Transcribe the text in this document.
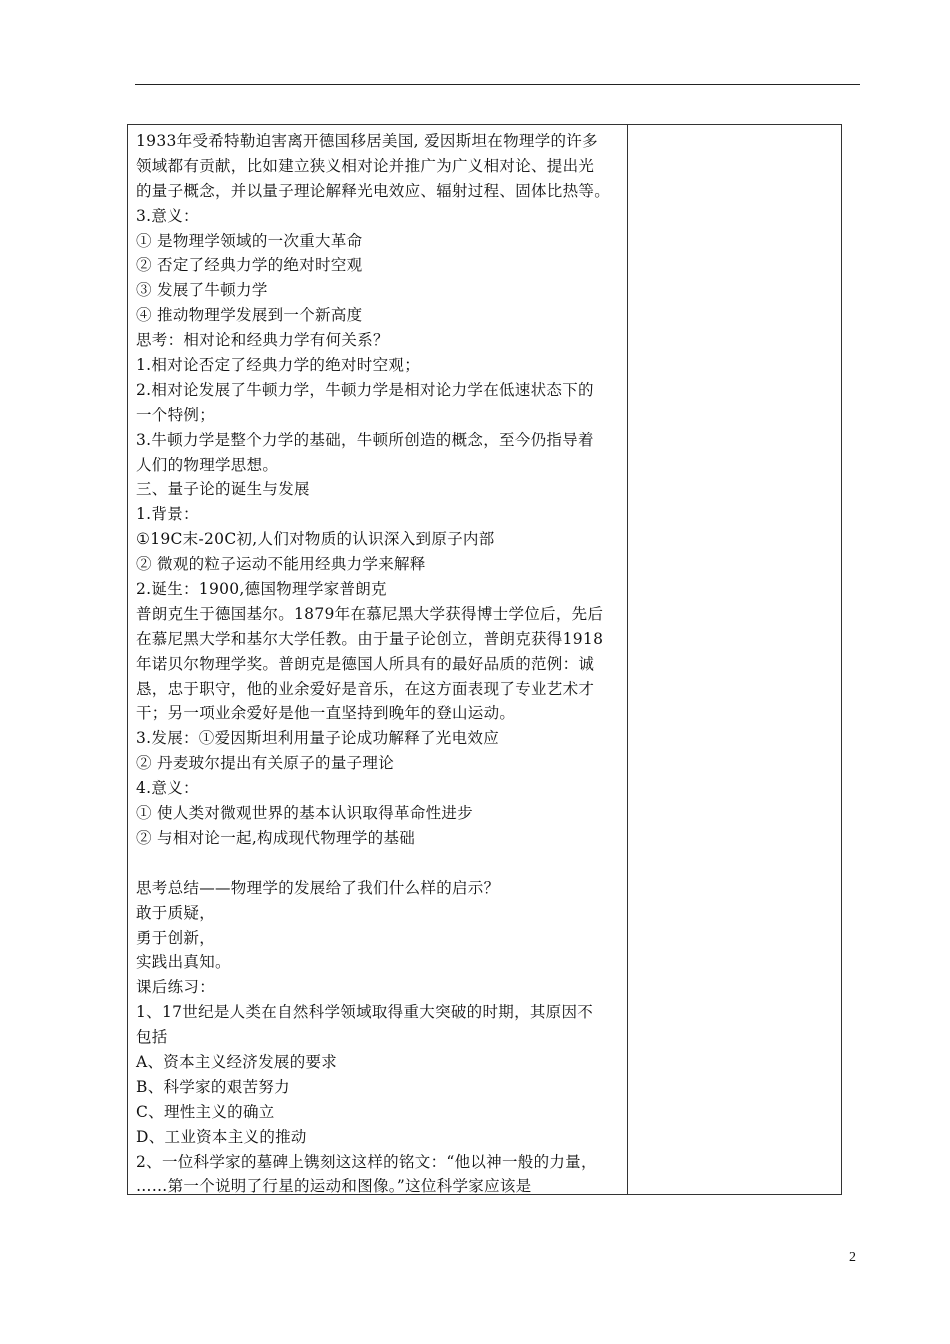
1933年受希特勒迫害离开德国移居美国, 爱因斯坦在物理学的许多
领域都有贡献，比如建立狭义相对论并推广为广义相对论、提出光
的量子概念，并以量子理论解释光电效应、辐射过程、固体比热等。
3.意义：
① 是物理学领域的一次重大革命
② 否定了经典力学的绝对时空观
③ 发展了牛顿力学
④ 推动物理学发展到一个新高度
思考：相对论和经典力学有何关系？
1.相对论否定了经典力学的绝对时空观；
2.相对论发展了牛顿力学，牛顿力学是相对论力学在低速状态下的
一个特例；
3.牛顿力学是整个力学的基础，牛顿所创造的概念，至今仍指导着
人们的物理学思想。
三、量子论的诞生与发展
1.背景：
①19C末-20C初,人们对物质的认识深入到原子内部
② 微观的粒子运动不能用经典力学来解释
2.诞生：1900,德国物理学家普朗克
普朗克生于德国基尔。1879年在慕尼黑大学获得博士学位后，先后
在慕尼黑大学和基尔大学任教。由于量子论创立，普朗克获得1918
年诺贝尔物理学奖。普朗克是德国人所具有的最好品质的范例：诚
恳，忠于职守，他的业余爱好是音乐，在这方面表现了专业艺术才
干；另一项业余爱好是他一直坚持到晚年的登山运动。
3.发展：①爱因斯坦利用量子论成功解释了光电效应
② 丹麦玻尔提出有关原子的量子理论
4.意义：
① 使人类对微观世界的基本认识取得革命性进步
② 与相对论一起,构成现代物理学的基础
思考总结——物理学的发展给了我们什么样的启示？
敢于质疑，
勇于创新，
实践出真知。
课后练习：
1、17世纪是人类在自然科学领域取得重大突破的时期，其原因不
包括
A、资本主义经济发展的要求
B、科学家的艰苦努力
C、理性主义的确立
D、工业资本主义的推动
2、一位科学家的墓碑上镌刻这这样的铭文：“他以神一般的力量，
……第一个说明了行星的运动和图像。”这位科学家应该是
2
